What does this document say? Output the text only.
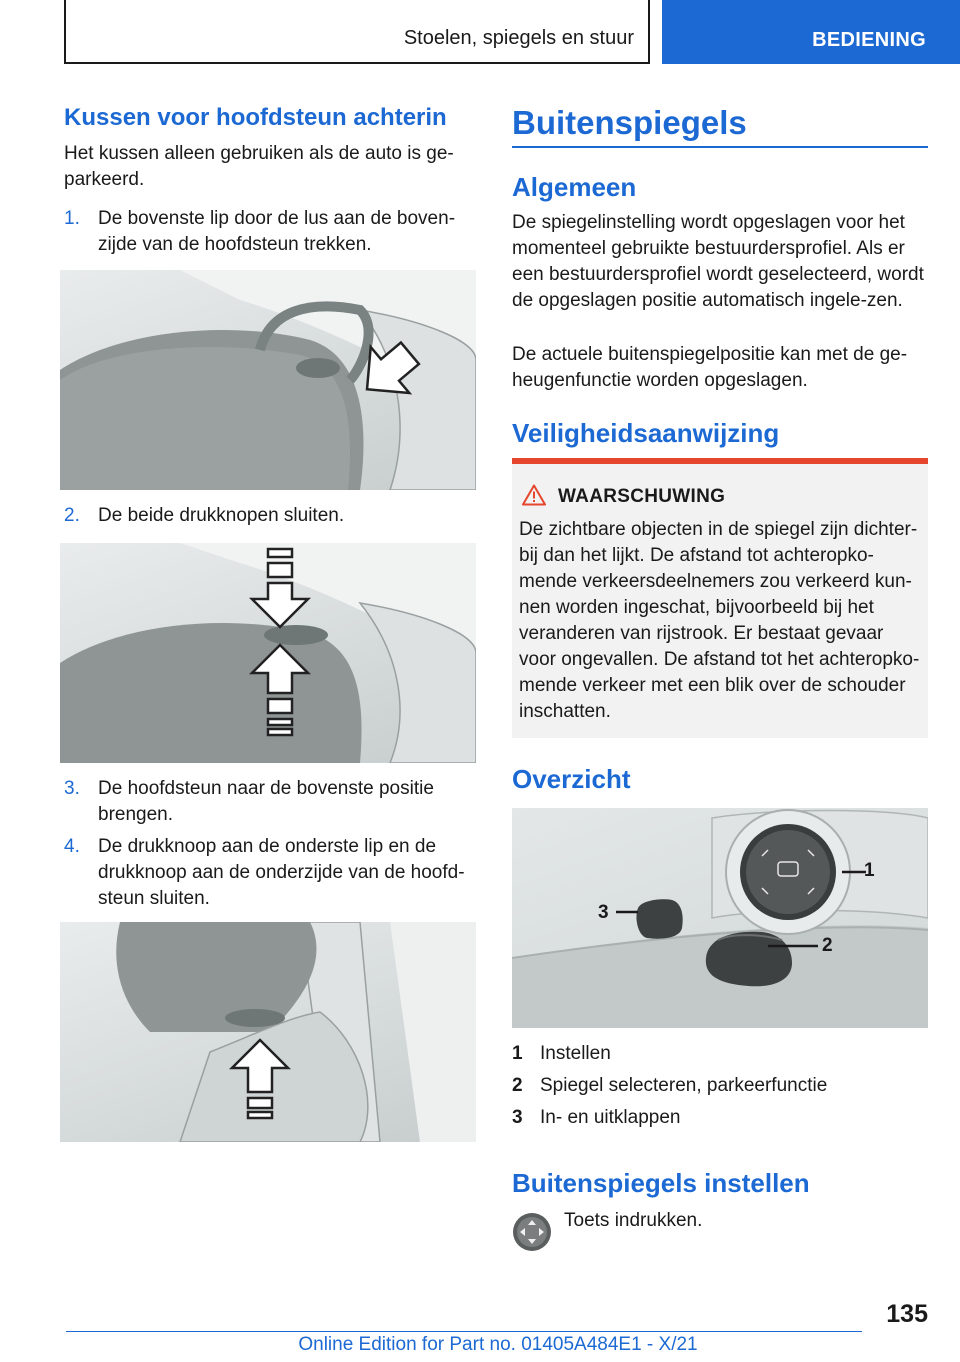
Stoelen, spiegels en stuur	BEDIENING
Kussen voor hoofdsteun achterin
Het kussen alleen gebruiken als de auto is ge-parkeerd.
1. De bovenste lip door de lus aan de boven-zijde van de hoofdsteun trekken.
2. De beide drukknopen sluiten.
3. De hoofdsteun naar de bovenste positie brengen.
4. De drukknoop aan de onderste lip en de drukknoop aan de onderzijde van de hoofd-steun sluiten.
Buitenspiegels
Algemeen
De spiegelinstelling wordt opgeslagen voor het momenteel gebruikte bestuurdersprofiel. Als er een bestuurdersprofiel wordt geselecteerd, wordt de opgeslagen positie automatisch ingele-zen.
De actuele buitenspiegelpositie kan met de ge-heugenfunctie worden opgeslagen.
Veiligheidsaanwijzing
WAARSCHUWING
De zichtbare objecten in de spiegel zijn dichter-bij dan het lijkt. De afstand tot achteropko-mende verkeersdeelnemers zou verkeerd kun-nen worden ingeschat, bijvoorbeeld bij het veranderen van rijstrook. Er bestaat gevaar voor ongevallen. De afstand tot het achteropko-mende verkeer met een blik over de schouder inschatten.
Overzicht
1
2
3
1 Instellen
2 Spiegel selecteren, parkeerfunctie
3 In- en uitklappen
Buitenspiegels instellen
Toets indrukken.
135
Online Edition for Part no. 01405A484E1 - X/21
